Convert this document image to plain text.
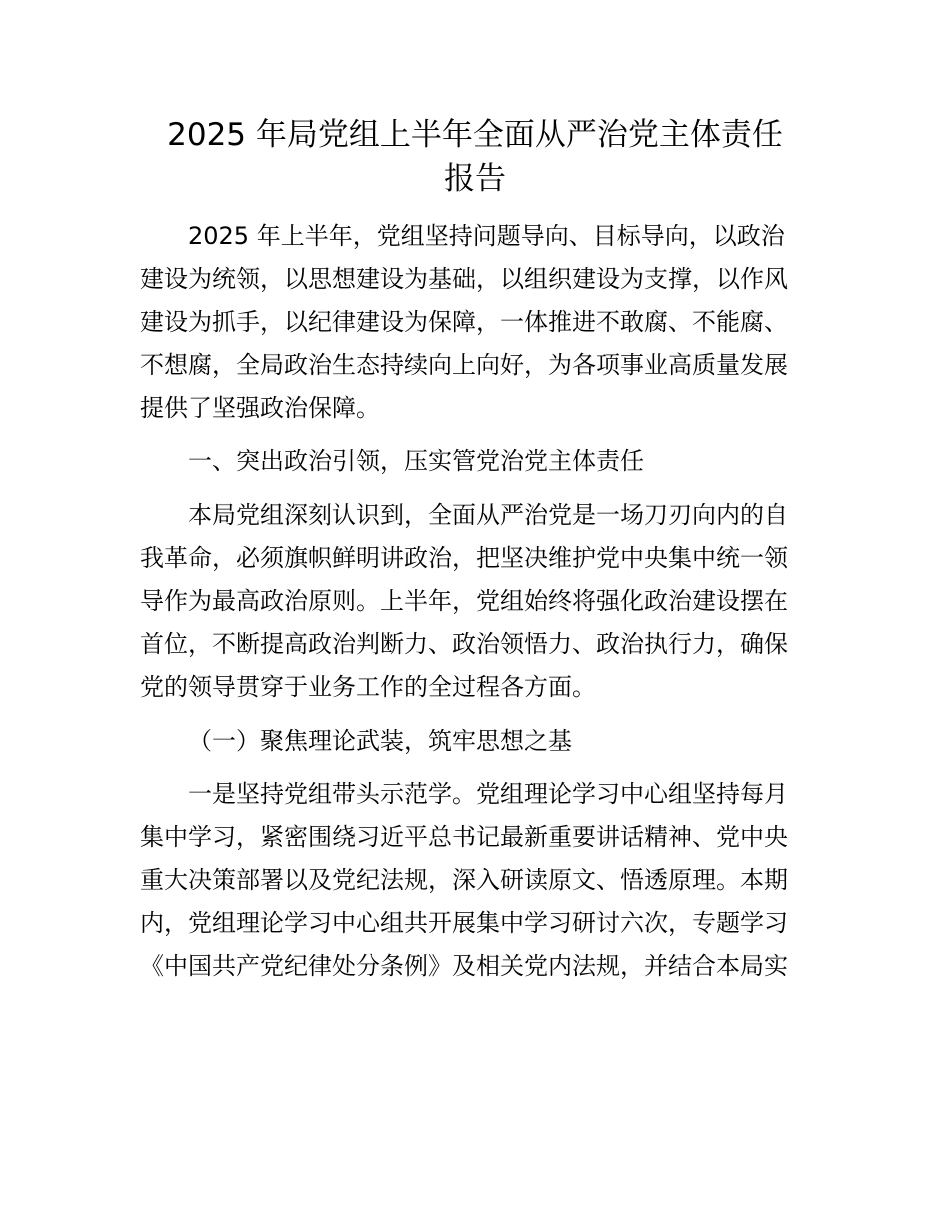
2025 年局党组上半年全面从严治党主体责任
报告
2025 年上半年，党组坚持问题导向、目标导向，以政治
建设为统领，以思想建设为基础，以组织建设为支撑，以作风
建设为抓手，以纪律建设为保障，一体推进不敢腐、不能腐、
不想腐，全局政治生态持续向上向好，为各项事业高质量发展
提供了坚强政治保障。
一、突出政治引领，压实管党治党主体责任
本局党组深刻认识到，全面从严治党是一场刀刃向内的自
我革命，必须旗帜鲜明讲政治，把坚决维护党中央集中统一领
导作为最高政治原则。上半年，党组始终将强化政治建设摆在
首位，不断提高政治判断力、政治领悟力、政治执行力，确保
党的领导贯穿于业务工作的全过程各方面。
（一）聚焦理论武装，筑牢思想之基
一是坚持党组带头示范学。党组理论学习中心组坚持每月
集中学习，紧密围绕习近平总书记最新重要讲话精神、党中央
重大决策部署以及党纪法规，深入研读原文、悟透原理。本期
内，党组理论学习中心组共开展集中学习研讨六次，专题学习
《中国共产党纪律处分条例》及相关党内法规，并结合本局实
